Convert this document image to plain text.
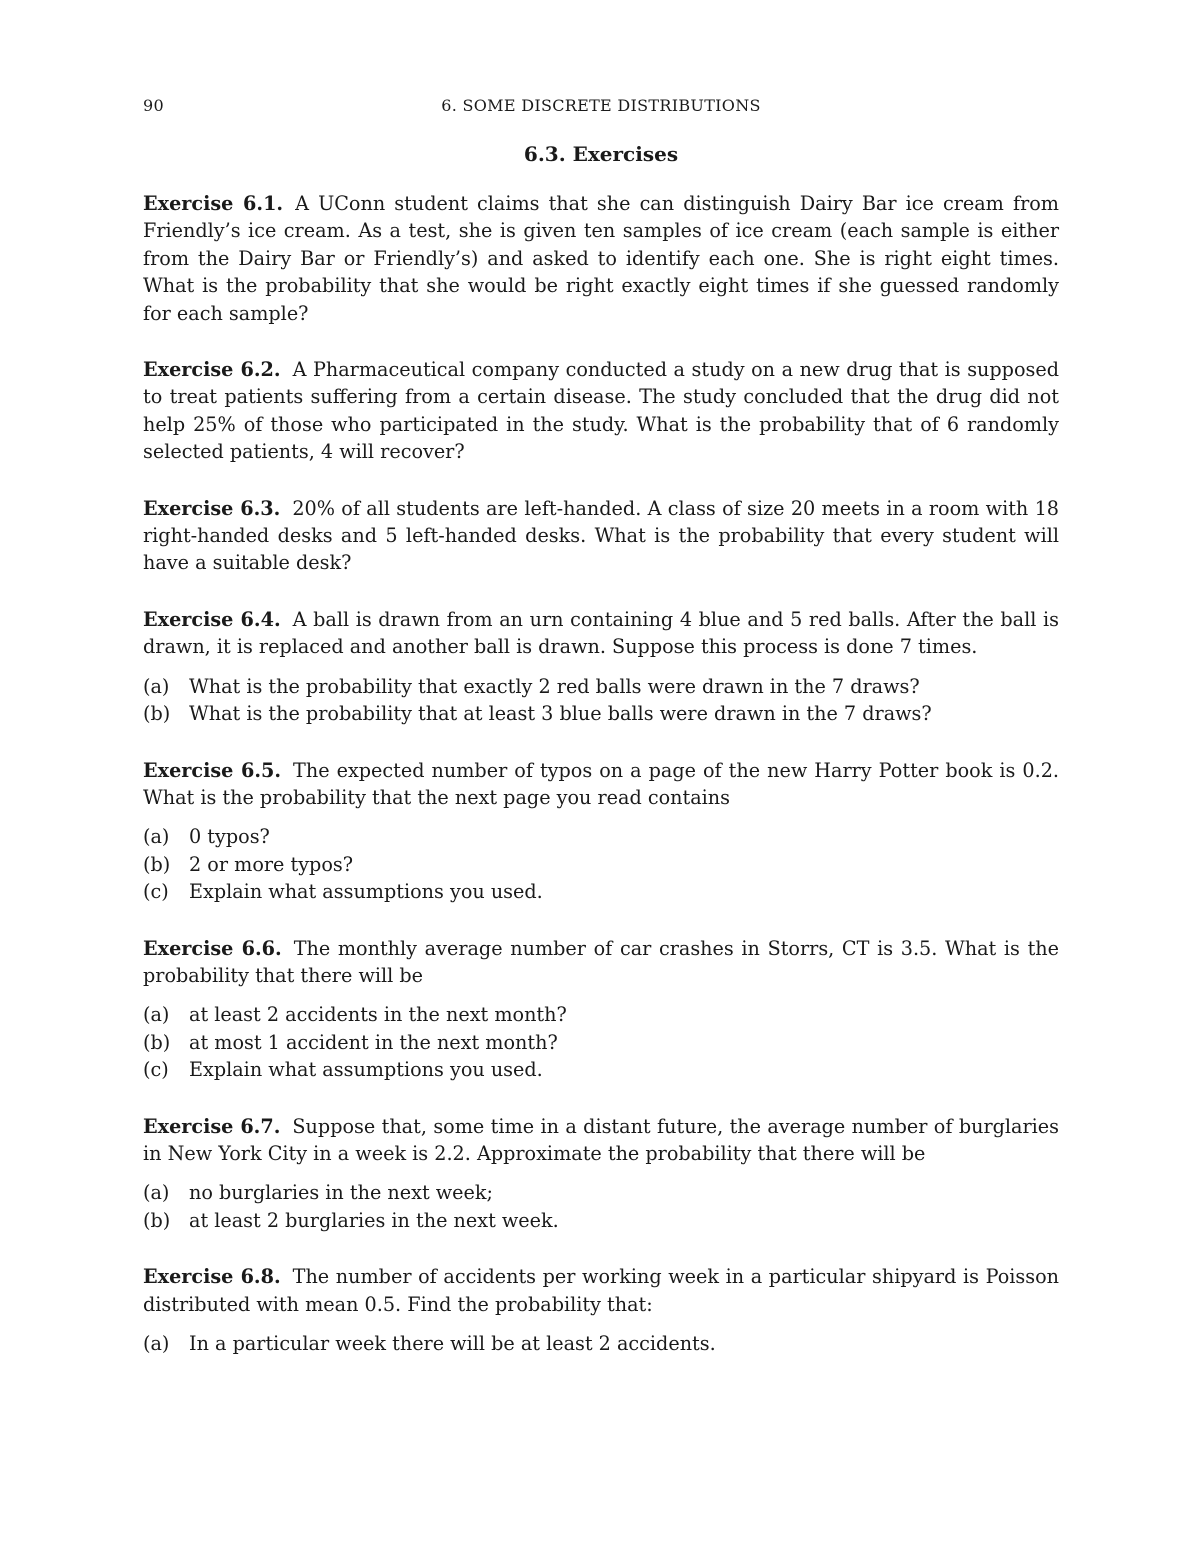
90	6. SOME DISCRETE DISTRIBUTIONS
6.3. Exercises

Exercise 6.1. A UConn student claims that she can distinguish Dairy Bar ice cream from Friendly’s ice cream. As a test, she is given ten samples of ice cream (each sample is either from the Dairy Bar or Friendly’s) and asked to identify each one. She is right eight times. What is the probability that she would be right exactly eight times if she guessed randomly for each sample?

Exercise 6.2. A Pharmaceutical company conducted a study on a new drug that is supposed to treat patients suffering from a certain disease. The study concluded that the drug did not help 25% of those who participated in the study. What is the probability that of 6 randomly selected patients, 4 will recover?

Exercise 6.3. 20% of all students are left-handed. A class of size 20 meets in a room with 18 right-handed desks and 5 left-handed desks. What is the probability that every student will have a suitable desk?

Exercise 6.4. A ball is drawn from an urn containing 4 blue and 5 red balls. After the ball is drawn, it is replaced and another ball is drawn. Suppose this process is done 7 times.

(a)	What is the probability that exactly 2 red balls were drawn in the 7 draws?
(b) What is the probability that at least 3 blue balls were drawn in the 7 draws?

Exercise 6.5. The expected number of typos on a page of the new Harry Potter book is 0.2. What is the probability that the next page you read contains

(a)	0 typos?
(b) 2 or more typos?
(c)	Explain what assumptions you used.

Exercise 6.6. The monthly average number of car crashes in Storrs, CT is 3.5. What is the probability that there will be

(a)	at least 2 accidents in the next month?
(b) at most 1 accident in the next month?
(c)	Explain what assumptions you used.

Exercise 6.7. Suppose that, some time in a distant future, the average number of burglaries in New York City in a week is 2.2. Approximate the probability that there will be

(a)	no burglaries in the next week;
(b) at least 2 burglaries in the next week.

Exercise 6.8. The number of accidents per working week in a particular shipyard is Poisson distributed with mean 0.5. Find the probability that:

(a)	In a particular week there will be at least 2 accidents.
